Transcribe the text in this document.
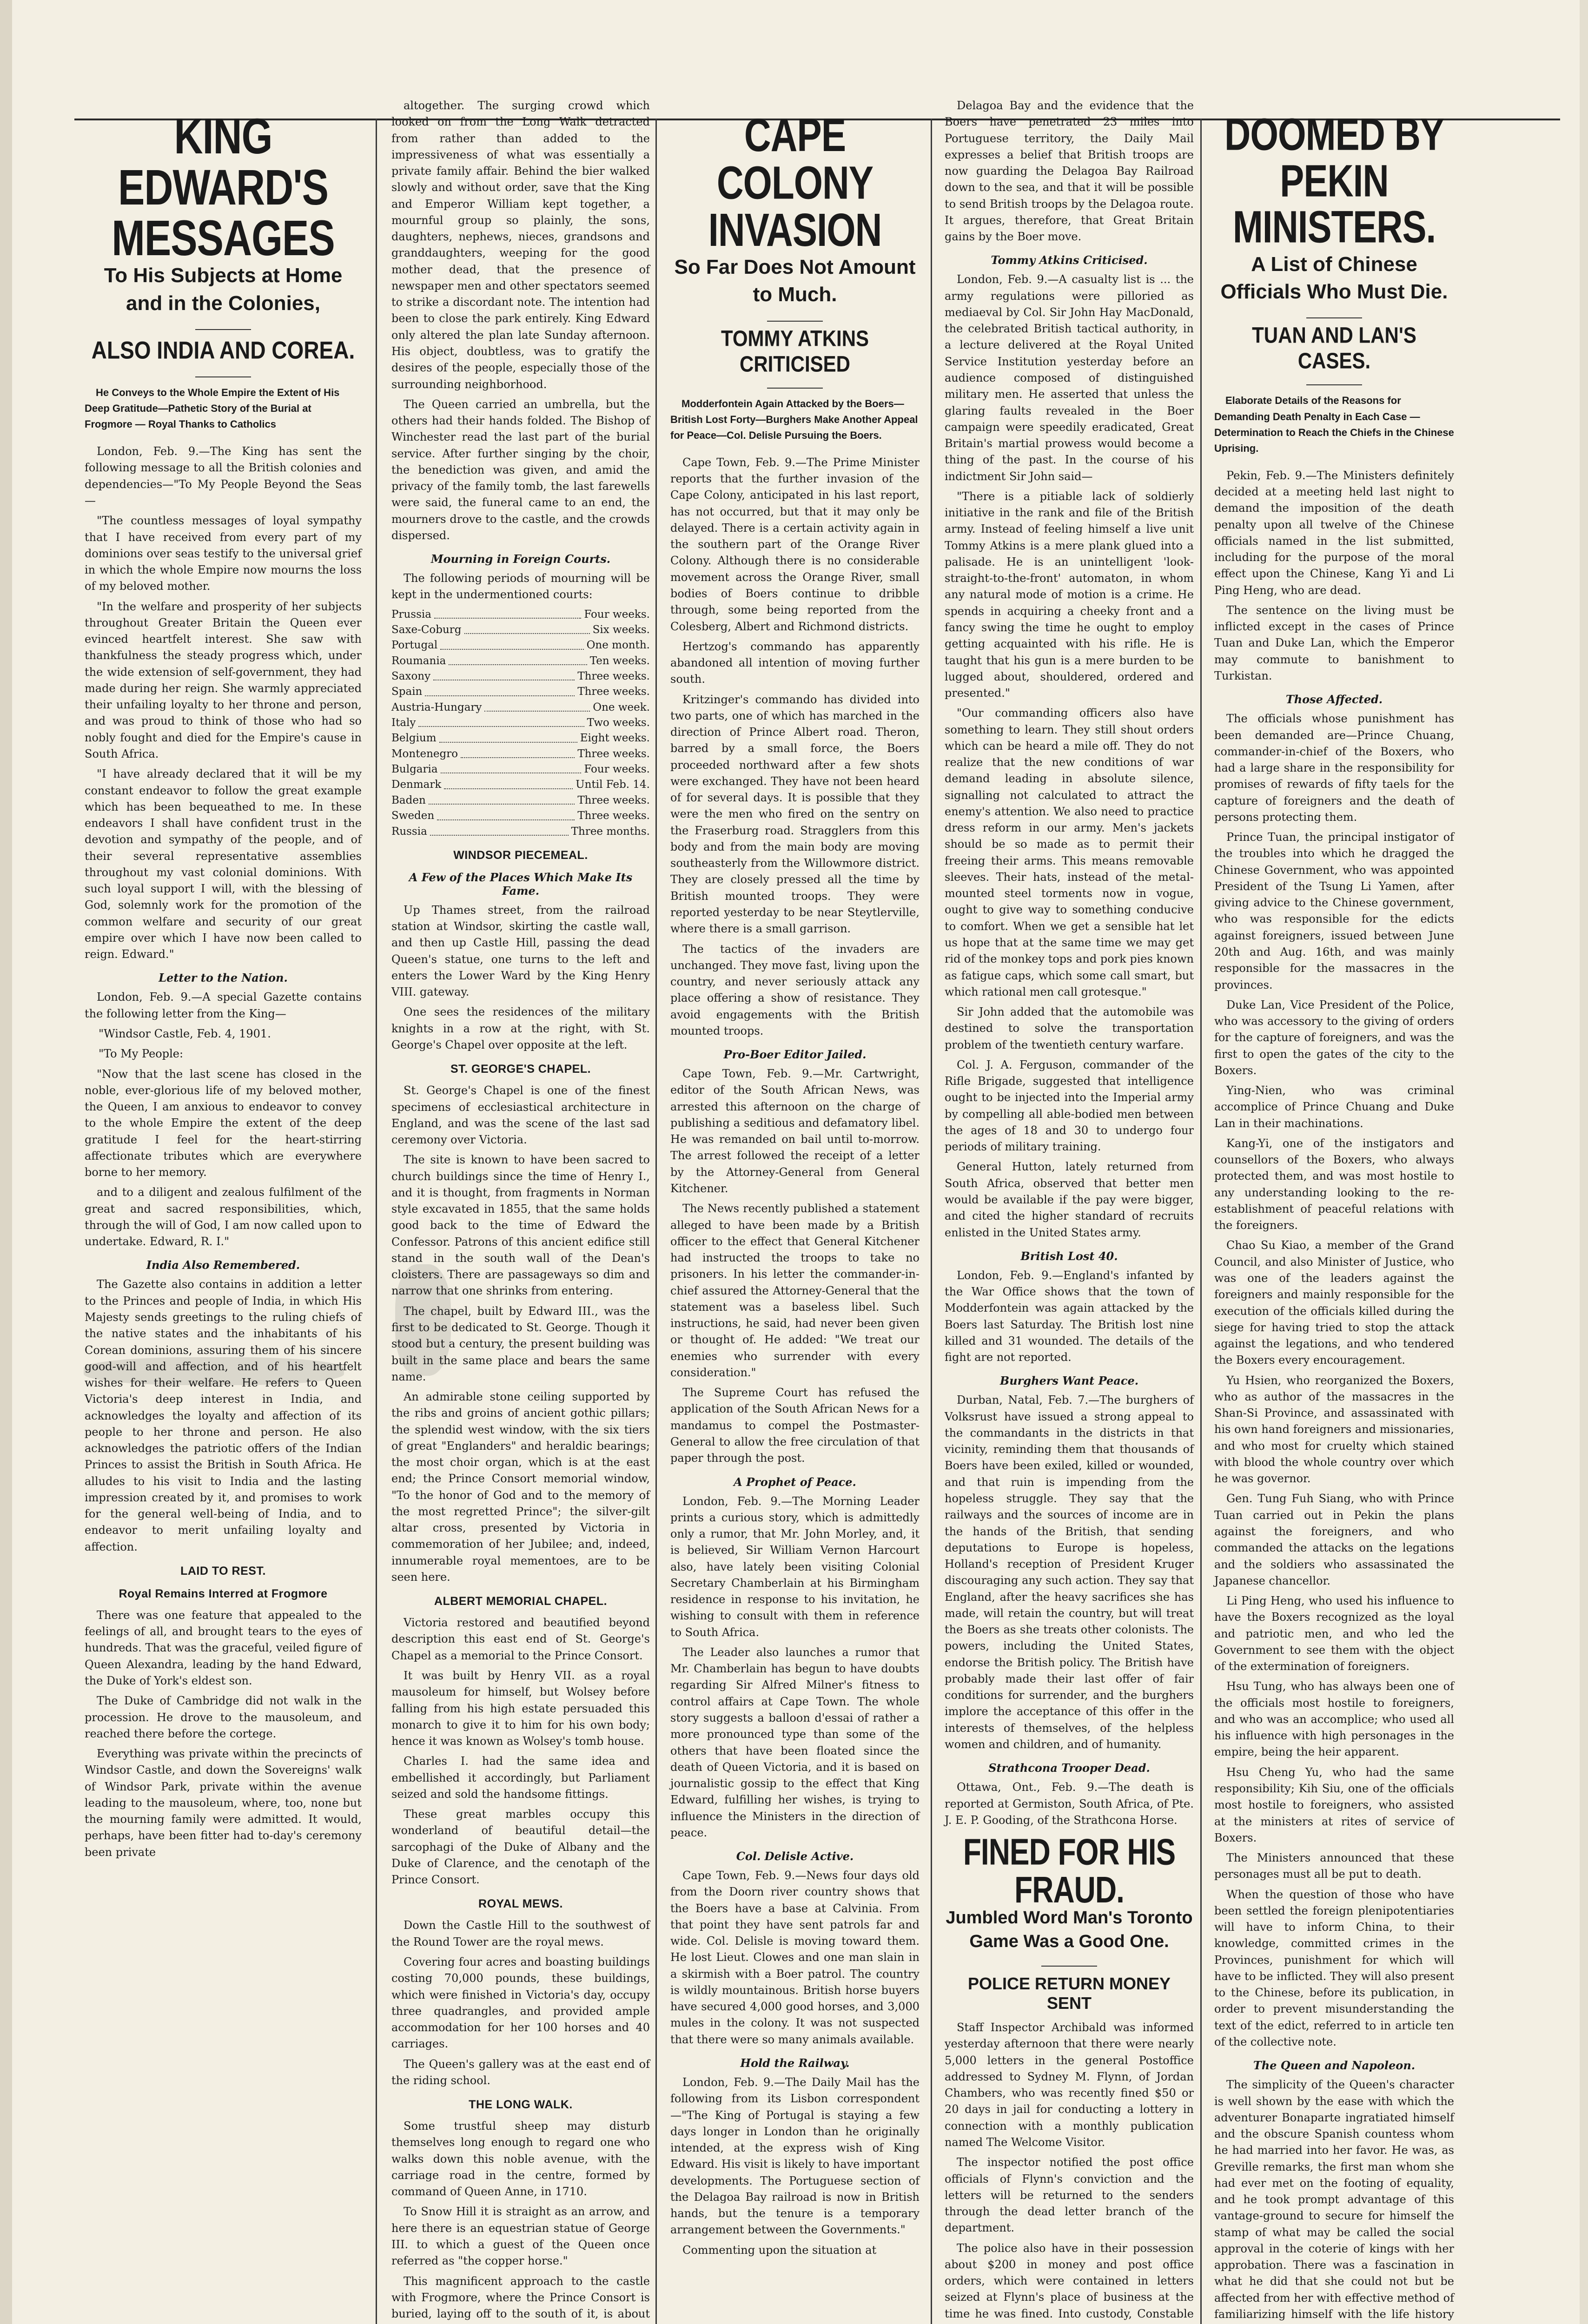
KING EDWARD'S MESSAGES
To His Subjects at Home and in the Colonies,
ALSO INDIA AND COREA.

He Conveys to the Whole Empire the Extent of His Deep Gratitude—Pathetic Story of the Burial at Frogmore — Royal Thanks to Catholics

London, Feb. 9.—The King has sent the following message to all the British colonies and dependencies—"To My People Beyond the Seas—

"The countless messages of loyal sympathy that I have received from every part of my dominions over seas testify to the universal grief in which the whole Empire now mourns the loss of my beloved mother.

"In the welfare and prosperity of her subjects throughout Greater Britain the Queen ever evinced heartfelt interest. She saw with thankfulness the steady progress which, under the wide extension of self-government, they had made during her reign. She warmly appreciated their unfailing loyalty to her throne and person, and was proud to think of those who had so nobly fought and died for the Empire's cause in South Africa.

"I have already declared that it will be my constant endeavor to follow the great example which has been bequeathed to me. In these endeavors I shall have confident trust in the devotion and sympathy of the people, and of their several representative assemblies throughout my vast colonial dominions. With such loyal support I will, with the blessing of God, solemnly work for the promotion of the common welfare and security of our great empire over which I have now been called to reign. Edward."

Letter to the Nation.

London, Feb. 9.—A special Gazette contains the following letter from the King—

"Windsor Castle, Feb. 4, 1901.

"To My People:

"Now that the last scene has closed in the noble, ever-glorious life of my beloved mother, the Queen, I am anxious to endeavor to convey to the whole Empire the extent of the deep gratitude I feel for the heart-stirring affectionate tributes which are everywhere borne to her memory.

and to a diligent and zealous fulfilment of the great and sacred responsibilities, which, through the will of God, I am now called upon to undertake. Edward, R. I."

India Also Remembered.

The Gazette also contains in addition a letter to the Princes and people of India, in which His Majesty sends greetings to the ruling chiefs of the native states and the inhabitants of his Corean dominions, assuring them of his sincere good-will and affection, and of his heartfelt wishes for their welfare. He refers to Queen Victoria's deep interest in India, and acknowledges the loyalty and affection of its people to her throne and person. He also acknowledges the patriotic offers of the Indian Princes to assist the British in South Africa. He alludes to his visit to India and the lasting impression created by it, and promises to work for the general well-being of India, and to endeavor to merit unfailing loyalty and affection.

LAID TO REST.
Royal Remains Interred at Frogmore

There was one feature that appealed to the feelings of all, and brought tears to the eyes of hundreds. That was the graceful, veiled figure of Queen Alexandra, leading by the hand Edward, the Duke of York's eldest son.

The Duke of Cambridge did not walk in the procession. He drove to the mausoleum, and reached there before the cortege.

Everything was private within the precincts of Windsor Castle, and down the Sovereigns' walk of Windsor Park, private within the avenue leading to the mausoleum, where, too, none but the mourning family were admitted. It would, perhaps, have been fitter had to-day's ceremony been private

altogether. The surging crowd which looked on from the Long Walk detracted from rather than added to the impressiveness of what was essentially a private family affair. Behind the bier walked slowly and without order, save that the King and Emperor William kept together, a mournful group so plainly, the sons, daughters, nephews, nieces, grandsons and granddaughters, weeping for the good mother dead, that the presence of newspaper men and other spectators seemed to strike a discordant note. The intention had been to close the park entirely. King Edward only altered the plan late Sunday afternoon. His object, doubtless, was to gratify the desires of the people, especially those of the surrounding neighborhood.

The Queen carried an umbrella, but the others had their hands folded. The Bishop of Winchester read the last part of the burial service. After further singing by the choir, the benediction was given, and amid the privacy of the family tomb, the last farewells were said, the funeral came to an end, the mourners drove to the castle, and the crowds dispersed.

Mourning in Foreign Courts.

The following periods of mourning will be kept in the undermentioned courts:

Prussia	Four weeks.
Saxe-Coburg	Six weeks.
Portugal	One month.
Roumania	Ten weeks.
Saxony	Three weeks.
Spain	Three weeks.
Austria-Hungary	One week.
Italy	Two weeks.
Belgium	Eight weeks.
Montenegro	Three weeks.
Bulgaria	Four weeks.
Denmark	Until Feb. 14.
Baden	Three weeks.
Sweden	Three weeks.
Russia	Three months.
WINDSOR PIECEMEAL.
A Few of the Places Which Make Its Fame.

Up Thames street, from the railroad station at Windsor, skirting the castle wall, and then up Castle Hill, passing the dead Queen's statue, one turns to the left and enters the Lower Ward by the King Henry VIII. gateway.

One sees the residences of the military knights in a row at the right, with St. George's Chapel over opposite at the left.

ST. GEORGE'S CHAPEL.

St. George's Chapel is one of the finest specimens of ecclesiastical architecture in England, and was the scene of the last sad ceremony over Victoria.

The site is known to have been sacred to church buildings since the time of Henry I., and it is thought, from fragments in Norman style excavated in 1855, that the same holds good back to the time of Edward the Confessor. Patrons of this ancient edifice still stand in the south wall of the Dean's cloisters. There are passageways so dim and narrow that one shrinks from entering.

The chapel, built by Edward III., was the first to be dedicated to St. George. Though it stood but a century, the present building was built in the same place and bears the same name.

An admirable stone ceiling supported by the ribs and groins of ancient gothic pillars; the splendid west window, with the six tiers of great "Englanders" and heraldic bearings; the most choir organ, which is at the east end; the Prince Consort memorial window, "To the honor of God and to the memory of the most regretted Prince"; the silver-gilt altar cross, presented by Victoria in commemoration of her Jubilee; and, indeed, innumerable royal mementoes, are to be seen here.

ALBERT MEMORIAL CHAPEL.

Victoria restored and beautified beyond description this east end of St. George's Chapel as a memorial to the Prince Consort.

It was built by Henry VII. as a royal mausoleum for himself, but Wolsey before falling from his high estate persuaded this monarch to give it to him for his own body; hence it was known as Wolsey's tomb house.

Charles I. had the same idea and embellished it accordingly, but Parliament seized and sold the handsome fittings.

These great marbles occupy this wonderland of beautiful detail—the sarcophagi of the Duke of Albany and the Duke of Clarence, and the cenotaph of the Prince Consort.

ROYAL MEWS.

Down the Castle Hill to the southwest of the Round Tower are the royal mews.

Covering four acres and boasting buildings costing 70,000 pounds, these buildings, which were finished in Victoria's day, occupy three quadrangles, and provided ample accommodation for her 100 horses and 40 carriages.

The Queen's gallery was at the east end of the riding school.

THE LONG WALK.

Some trustful sheep may disturb themselves long enough to regard one who walks down this noble avenue, with the carriage road in the centre, formed by command of Queen Anne, in 1710.

To Snow Hill it is straight as an arrow, and here there is an equestrian statue of George III. to which a guest of the Queen once referred as "the copper horse."

This magnificent approach to the castle with Frogmore, where the Prince Consort is buried, laying off to the south of it, is about

CAPE COLONY INVASION
So Far Does Not Amount to Much.
TOMMY ATKINS CRITICISED

Modderfontein Again Attacked by the Boers—British Lost Forty—Burghers Make Another Appeal for Peace—Col. Delisle Pursuing the Boers.

Cape Town, Feb. 9.—The Prime Minister reports that the further invasion of the Cape Colony, anticipated in his last report, has not occurred, but that it may only be delayed. There is a certain activity again in the southern part of the Orange River Colony. Although there is no considerable movement across the Orange River, small bodies of Boers continue to dribble through, some being reported from the Colesberg, Albert and Richmond districts.

Hertzog's commando has apparently abandoned all intention of moving further south.

Kritzinger's commando has divided into two parts, one of which has marched in the direction of Prince Albert road. Theron, barred by a small force, the Boers proceeded northward after a few shots were exchanged. They have not been heard of for several days. It is possible that they were the men who fired on the sentry on the Fraserburg road. Stragglers from this body and from the main body are moving southeasterly from the Willowmore district. They are closely pressed all the time by British mounted troops. They were reported yesterday to be near Steytlerville, where there is a small garrison.

The tactics of the invaders are unchanged. They move fast, living upon the country, and never seriously attack any place offering a show of resistance. They avoid engagements with the British mounted troops.

Pro-Boer Editor Jailed.

Cape Town, Feb. 9.—Mr. Cartwright, editor of the South African News, was arrested this afternoon on the charge of publishing a seditious and defamatory libel. He was remanded on bail until to-morrow. The arrest followed the receipt of a letter by the Attorney-General from General Kitchener.

The News recently published a statement alleged to have been made by a British officer to the effect that General Kitchener had instructed the troops to take no prisoners. In his letter the commander-in-chief assured the Attorney-General that the statement was a baseless libel. Such instructions, he said, had never been given or thought of. He added: "We treat our enemies who surrender with every consideration."

The Supreme Court has refused the application of the South African News for a mandamus to compel the Postmaster-General to allow the free circulation of that paper through the post.

A Prophet of Peace.

London, Feb. 9.—The Morning Leader prints a curious story, which is admittedly only a rumor, that Mr. John Morley, and, it is believed, Sir William Vernon Harcourt also, have lately been visiting Colonial Secretary Chamberlain at his Birmingham residence in response to his invitation, he wishing to consult with them in reference to South Africa.

The Leader also launches a rumor that Mr. Chamberlain has begun to have doubts regarding Sir Alfred Milner's fitness to control affairs at Cape Town. The whole story suggests a balloon d'essai of rather a more pronounced type than some of the others that have been floated since the death of Queen Victoria, and it is based on journalistic gossip to the effect that King Edward, fulfilling her wishes, is trying to influence the Ministers in the direction of peace.

Col. Delisle Active.

Cape Town, Feb. 9.—News four days old from the Doorn river country shows that the Boers have a base at Calvinia. From that point they have sent patrols far and wide. Col. Delisle is moving toward them. He lost Lieut. Clowes and one man slain in a skirmish with a Boer patrol. The country is wildly mountainous. British horse buyers have secured 4,000 good horses, and 3,000 mules in the colony. It was not suspected that there were so many animals available.

Hold the Railway.

London, Feb. 9.—The Daily Mail has the following from its Lisbon correspondent—"The King of Portugal is staying a few days longer in London than he originally intended, at the express wish of King Edward. His visit is likely to have important developments. The Portuguese section of the Delagoa Bay railroad is now in British hands, but the tenure is a temporary arrangement between the Governments."

Commenting upon the situation at

Delagoa Bay and the evidence that the Boers have penetrated 23 miles into Portuguese territory, the Daily Mail expresses a belief that British troops are now guarding the Delagoa Bay Railroad down to the sea, and that it will be possible to send British troops by the Delagoa route. It argues, therefore, that Great Britain gains by the Boer move.

Tommy Atkins Criticised.

London, Feb. 9.—A casualty list is ... the army regulations were pilloried as mediaeval by Col. Sir John Hay MacDonald, the celebrated British tactical authority, in a lecture delivered at the Royal United Service Institution yesterday before an audience composed of distinguished military men. He asserted that unless the glaring faults revealed in the Boer campaign were speedily eradicated, Great Britain's martial prowess would become a thing of the past. In the course of his indictment Sir John said—

"There is a pitiable lack of soldierly initiative in the rank and file of the British army. Instead of feeling himself a live unit Tommy Atkins is a mere plank glued into a palisade. He is an unintelligent 'look-straight-to-the-front' automaton, in whom any natural mode of motion is a crime. He spends in acquiring a cheeky front and a fancy swing the time he ought to employ getting acquainted with his rifle. He is taught that his gun is a mere burden to be lugged about, shouldered, ordered and presented."

"Our commanding officers also have something to learn. They still shout orders which can be heard a mile off. They do not realize that the new conditions of war demand leading in absolute silence, signalling not calculated to attract the enemy's attention. We also need to practice dress reform in our army. Men's jackets should be so made as to permit their freeing their arms. This means removable sleeves. Their hats, instead of the metal-mounted steel torments now in vogue, ought to give way to something conducive to comfort. When we get a sensible hat let us hope that at the same time we may get rid of the monkey tops and pork pies known as fatigue caps, which some call smart, but which rational men call grotesque."

Sir John added that the automobile was destined to solve the transportation problem of the twentieth century warfare.

Col. J. A. Ferguson, commander of the Rifle Brigade, suggested that intelligence ought to be injected into the Imperial army by compelling all able-bodied men between the ages of 18 and 30 to undergo four periods of military training.

General Hutton, lately returned from South Africa, observed that better men would be available if the pay were bigger, and cited the higher standard of recruits enlisted in the United States army.

British Lost 40.

London, Feb. 9.—England's infanted by the War Office shows that the town of Modderfontein was again attacked by the Boers last Saturday. The British lost nine killed and 31 wounded. The details of the fight are not reported.

Burghers Want Peace.

Durban, Natal, Feb. 7.—The burghers of Volksrust have issued a strong appeal to the commandants in the districts in that vicinity, reminding them that thousands of Boers have been exiled, killed or wounded, and that ruin is impending from the hopeless struggle. They say that the railways and the sources of income are in the hands of the British, that sending deputations to Europe is hopeless, Holland's reception of President Kruger discouraging any such action. They say that England, after the heavy sacrifices she has made, will retain the country, but will treat the Boers as she treats other colonists. The powers, including the United States, endorse the British policy. The British have probably made their last offer of fair conditions for surrender, and the burghers implore the acceptance of this offer in the interests of themselves, of the helpless women and children, and of humanity.

Strathcona Trooper Dead.

Ottawa, Ont., Feb. 9.—The death is reported at Germiston, South Africa, of Pte. J. E. P. Gooding, of the Strathcona Horse.

FINED FOR HIS FRAUD.
Jumbled Word Man's Toronto Game Was a Good One.
POLICE RETURN MONEY SENT

Staff Inspector Archibald was informed yesterday afternoon that there were nearly 5,000 letters in the general Postoffice addressed to Sydney M. Flynn, of Jordan Chambers, who was recently fined $50 or 20 days in jail for conducting a lottery in connection with a monthly publication named The Welcome Visitor.

The inspector notified the post office officials of Flynn's conviction and the letters will be returned to the senders through the dead letter branch of the department.

The police also have in their possession about $200 in money and post office orders, which were contained in letters seized at Flynn's place of business at the time he was fined. Into custody, Constable

DOOMED BY PEKIN MINISTERS.
A List of Chinese Officials Who Must Die.
TUAN AND LAN'S CASES.

Elaborate Details of the Reasons for Demanding Death Penalty in Each Case — Determination to Reach the Chiefs in the Chinese Uprising.

Pekin, Feb. 9.—The Ministers definitely decided at a meeting held last night to demand the imposition of the death penalty upon all twelve of the Chinese officials named in the list submitted, including for the purpose of the moral effect upon the Chinese, Kang Yi and Li Ping Heng, who are dead.

The sentence on the living must be inflicted except in the cases of Prince Tuan and Duke Lan, which the Emperor may commute to banishment to Turkistan.

Those Affected.

The officials whose punishment has been demanded are—Prince Chuang, commander-in-chief of the Boxers, who had a large share in the responsibility for promises of rewards of fifty taels for the capture of foreigners and the death of persons protecting them.

Prince Tuan, the principal instigator of the troubles into which he dragged the Chinese Government, who was appointed President of the Tsung Li Yamen, after giving advice to the Chinese government, who was responsible for the edicts against foreigners, issued between June 20th and Aug. 16th, and was mainly responsible for the massacres in the provinces.

Duke Lan, Vice President of the Police, who was accessory to the giving of orders for the capture of foreigners, and was the first to open the gates of the city to the Boxers.

Ying-Nien, who was criminal accomplice of Prince Chuang and Duke Lan in their machinations.

Kang-Yi, one of the instigators and counsellors of the Boxers, who always protected them, and was most hostile to any understanding looking to the re-establishment of peaceful relations with the foreigners.

Chao Su Kiao, a member of the Grand Council, and also Minister of Justice, who was one of the leaders against the foreigners and mainly responsible for the execution of the officials killed during the siege for having tried to stop the attack against the legations, and who tendered the Boxers every encouragement.

Yu Hsien, who reorganized the Boxers, who as author of the massacres in the Shan-Si Province, and assassinated with his own hand foreigners and missionaries, and who most for cruelty which stained with blood the whole country over which he was governor.

Gen. Tung Fuh Siang, who with Prince Tuan carried out in Pekin the plans against the foreigners, and who commanded the attacks on the legations and the soldiers who assassinated the Japanese chancellor.

Li Ping Heng, who used his influence to have the Boxers recognized as the loyal and patriotic men, and who led the Government to see them with the object of the extermination of foreigners.

Hsu Tung, who has always been one of the officials most hostile to foreigners, and who was an accomplice; who used all his influence with high personages in the empire, being the heir apparent.

Hsu Cheng Yu, who had the same responsibility; Kih Siu, one of the officials most hostile to foreigners, who assisted at the ministers at rites of service of Boxers.

The Ministers announced that these personages must all be put to death.

When the question of those who have been settled the foreign plenipotentiaries will have to inform China, to their knowledge, committed crimes in the Provinces, punishment for which will have to be inflicted. They will also present to the Chinese, before its publication, in order to prevent misunderstanding the text of the edict, referred to in article ten of the collective note.

The Queen and Napoleon.

The simplicity of the Queen's character is well shown by the ease with which the adventurer Bonaparte ingratiated himself and the obscure Spanish countess whom he had married into her favor. He was, as Greville remarks, the first man whom she had ever met on the footing of equality, and he took prompt advantage of this vantage-ground to secure for himself the stamp of what may be called the social approval in the coterie of kings with her approbation. There was a fascination in what he did that she could not but be affected from her with effective method of familiarizing himself with the life history
